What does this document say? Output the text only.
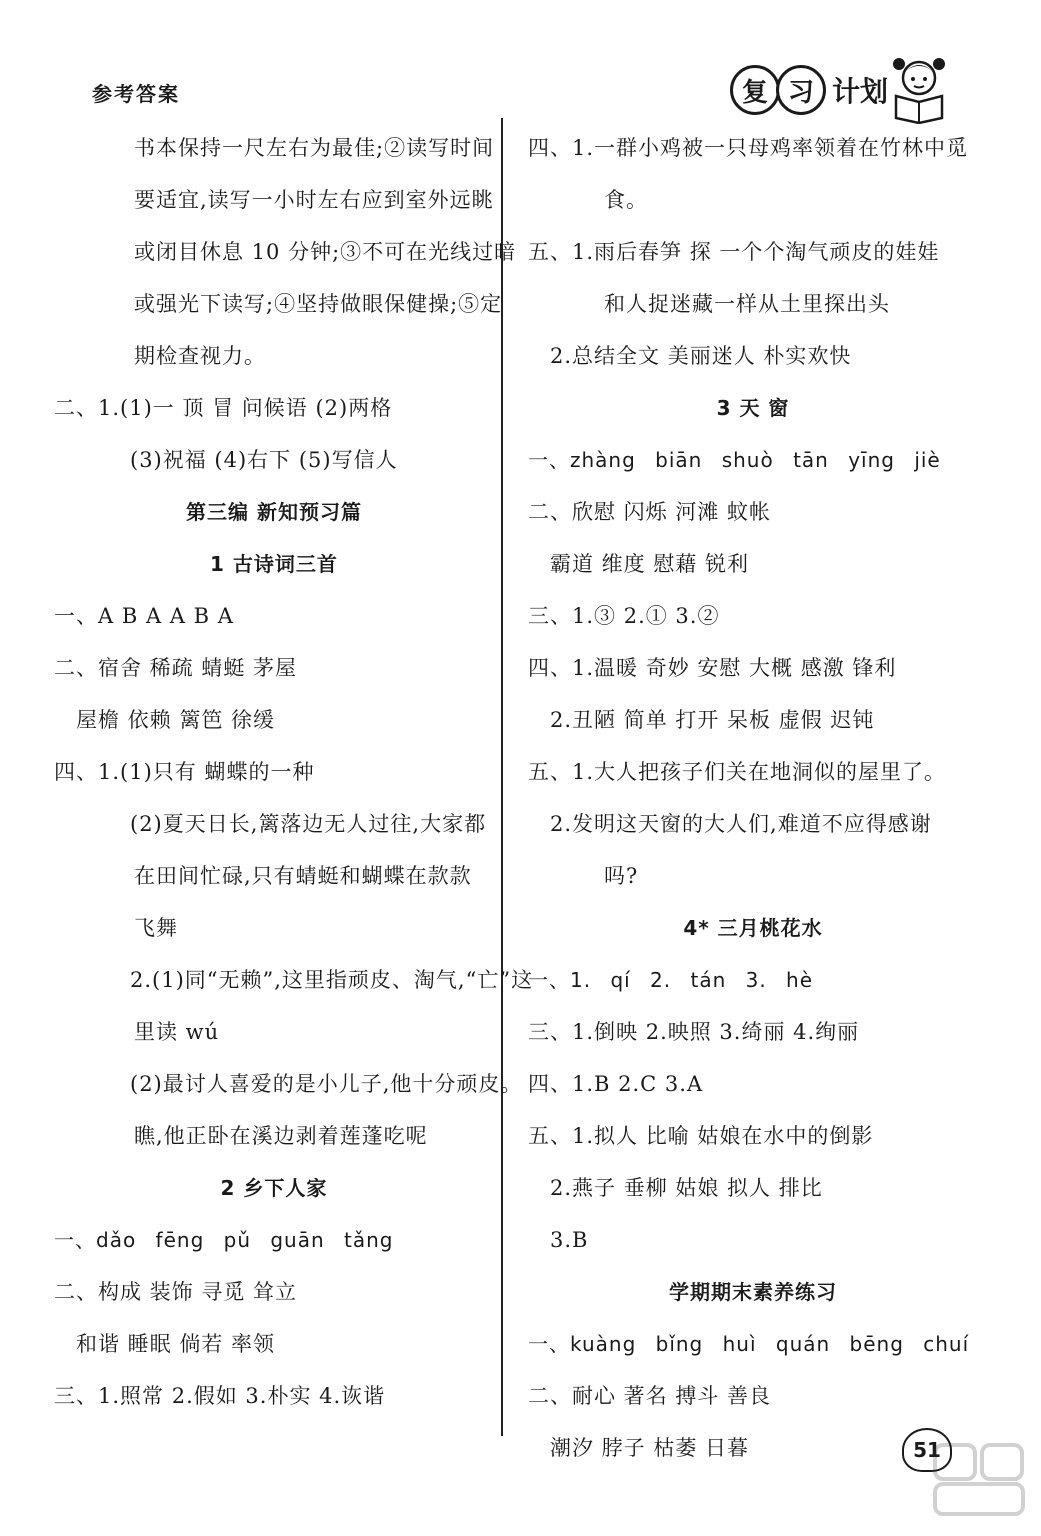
参考答案	复 习 计划
书本保持一尺左右为最佳;②读写时间
要适宜,读写一小时左右应到室外远眺
或闭目休息 10 分钟;③不可在光线过暗
或强光下读写;④坚持做眼保健操;⑤定
期检查视力。
二、1.(1)一 顶 冒 问候语 (2)两格
(3)祝福 (4)右下 (5)写信人
第三编 新知预习篇
1 古诗词三首
一、A B A A B A
二、宿舍 稀疏 蜻蜓 茅屋
屋檐 依赖 篱笆 徐缓
四、1.(1)只有 蝴蝶的一种
(2)夏天日长,篱落边无人过往,大家都
在田间忙碌,只有蜻蜓和蝴蝶在款款
飞舞
2.(1)同“无赖”,这里指顽皮、淘气,“亡”这
里读 wú
(2)最讨人喜爱的是小儿子,他十分顽皮。
瞧,他正卧在溪边剥着莲蓬吃呢
2 乡下人家
一、dǎo fēng pǔ guān tǎng
二、构成 装饰 寻觅 耸立
和谐 睡眠 倘若 率领
三、1.照常 2.假如 3.朴实 4.诙谐
四、1.一群小鸡被一只母鸡率领着在竹林中觅
食。
五、1.雨后春笋 探 一个个淘气顽皮的娃娃
和人捉迷藏一样从土里探出头
2.总结全文 美丽迷人 朴实欢快
3 天 窗
一、zhàng biān shuò tān yīng jiè
二、欣慰 闪烁 河滩 蚊帐
霸道 维度 慰藉 锐利
三、1.③ 2.① 3.②
四、1.温暖 奇妙 安慰 大概 感激 锋利
2.丑陋 简单 打开 呆板 虚假 迟钝
五、1.大人把孩子们关在地洞似的屋里了。
2.发明这天窗的大人们,难道不应得感谢
吗?
4* 三月桃花水
一、1. qí 2. tán 3. hè
三、1.倒映 2.映照 3.绮丽 4.绚丽
四、1.B 2.C 3.A
五、1.拟人 比喻 姑娘在水中的倒影
2.燕子 垂柳 姑娘 拟人 排比
3.B
学期期末素养练习
一、kuàng bǐng huì quán bēng chuí
二、耐心 著名 搏斗 善良
潮汐 脖子 枯萎 日暮	51
